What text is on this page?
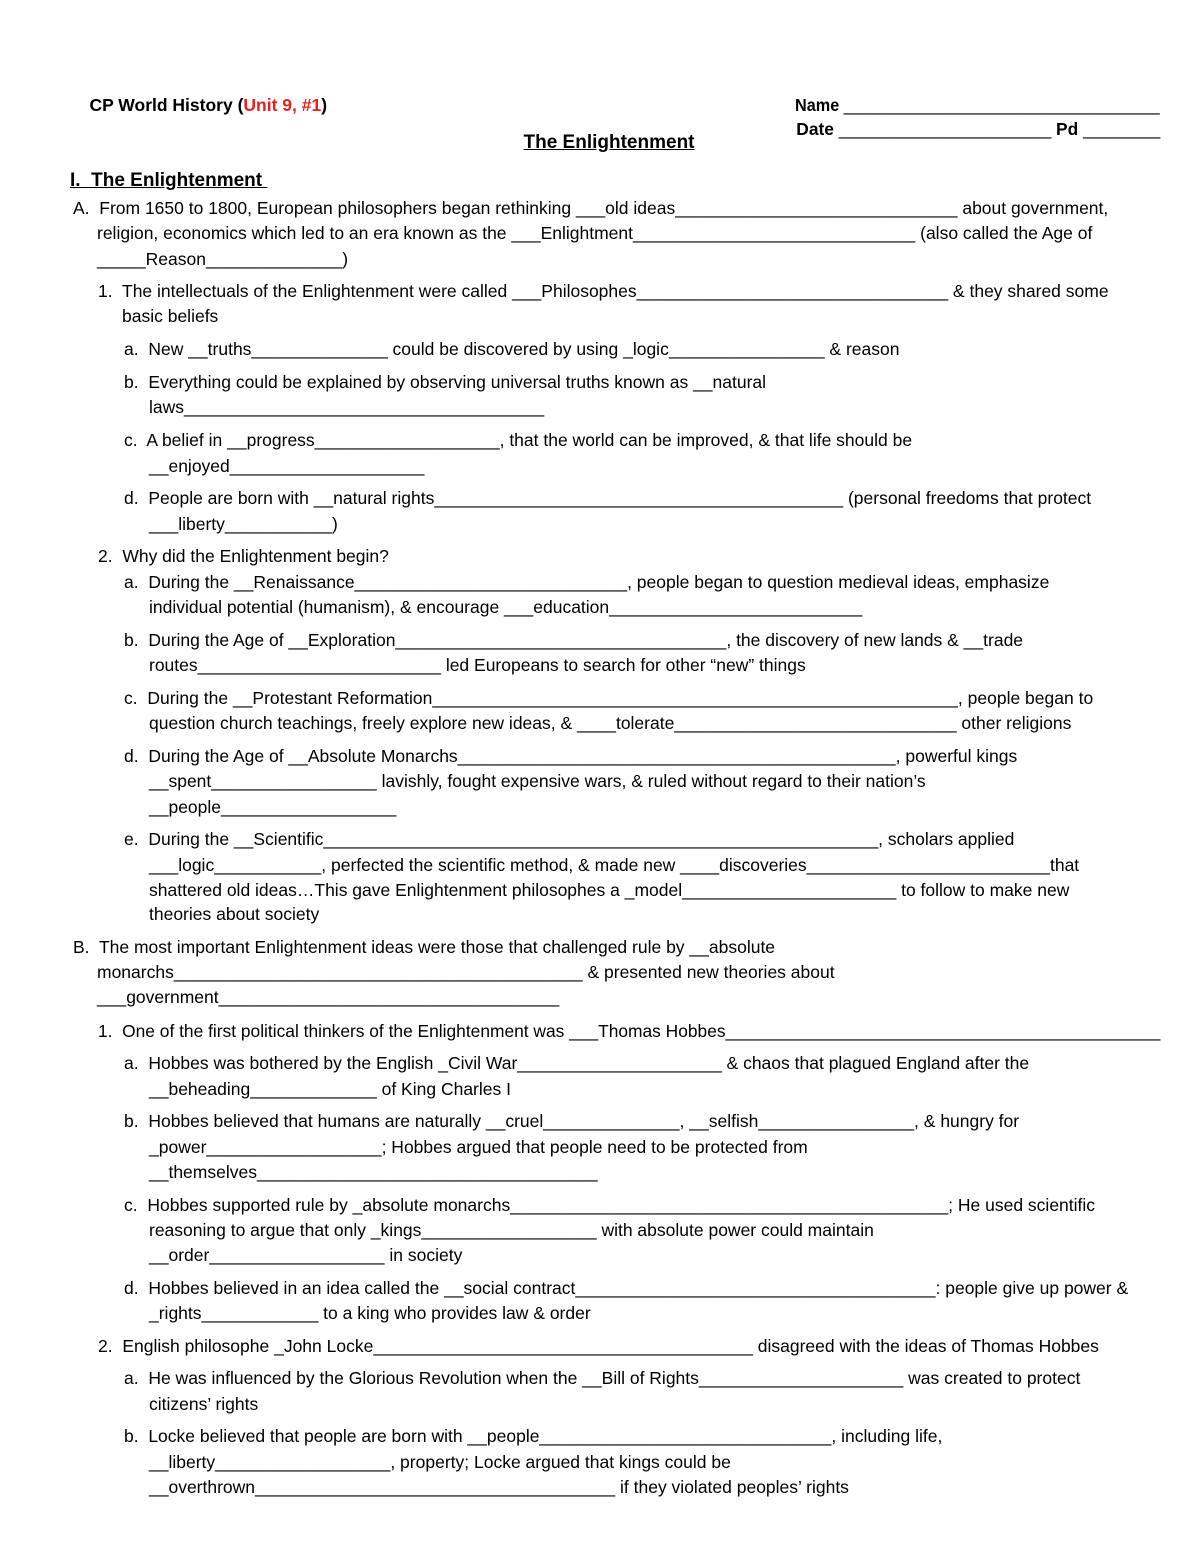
CP World History (Unit 9, #1)
	Name ___________________________________

Date ______________________ Pd ________

The Enlightenment
I.  The Enlightenment
A.  From 1650 to 1800, European philosophers began rethinking ___old ideas_____________________________ about government,
religion, economics which led to an era known as the ___Enlightment_____________________________ (also called the Age of
_____Reason______________)
1.  The intellectuals of the Enlightenment were called ___Philosophes________________________________ & they shared some
basic beliefs
a.  New __truths______________ could be discovered by using _logic________________ & reason
b.  Everything could be explained by observing universal truths known as __natural
laws_____________________________________
c.  A belief in __progress___________________, that the world can be improved, & that life should be
__enjoyed____________________
d.  People are born with __natural rights__________________________________________ (personal freedoms that protect
___liberty___________)
2.  Why did the Enlightenment begin?
a.  During the __Renaissance____________________________, people began to question medieval ideas, emphasize
individual potential (humanism), & encourage ___education__________________________
b.  During the Age of __Exploration__________________________________, the discovery of new lands & __trade
routes_________________________ led Europeans to search for other “new” things
c.  During the __Protestant Reformation______________________________________________________, people began to
question church teachings, freely explore new ideas, & ____tolerate_____________________________ other religions
d.  During the Age of __Absolute Monarchs_____________________________________________, powerful kings
__spent_________________ lavishly, fought expensive wars, & ruled without regard to their nation’s
__people__________________
e.  During the __Scientific_________________________________________________________, scholars applied
___logic___________, perfected the scientific method, & made new ____discoveries_________________________that
shattered old ideas…This gave Enlightenment philosophes a _model______________________ to follow to make new
theories about society
B.  The most important Enlightenment ideas were those that challenged rule by __absolute
monarchs__________________________________________ & presented new theories about
___government___________________________________
1.  One of the first political thinkers of the Enlightenment was ___Thomas Hobbes_____________________________________________
a.  Hobbes was bothered by the English _Civil War_____________________ & chaos that plagued England after the
__beheading_____________ of King Charles I
b.  Hobbes believed that humans are naturally __cruel______________, __selfish________________, & hungry for
_power__________________; Hobbes argued that people need to be protected from
__themselves___________________________________
c.  Hobbes supported rule by _absolute monarchs_____________________________________________; He used scientific
reasoning to argue that only _kings__________________ with absolute power could maintain
__order__________________ in society
d.  Hobbes believed in an idea called the __social contract_____________________________________: people give up power &
_rights____________ to a king who provides law & order
2.  English philosophe _John Locke_______________________________________ disagreed with the ideas of Thomas Hobbes
a.  He was influenced by the Glorious Revolution when the __Bill of Rights_____________________ was created to protect
citizens’ rights
b.  Locke believed that people are born with __people______________________________, including life,
__liberty__________________, property; Locke argued that kings could be
__overthrown_____________________________________ if they violated peoples’ rights
